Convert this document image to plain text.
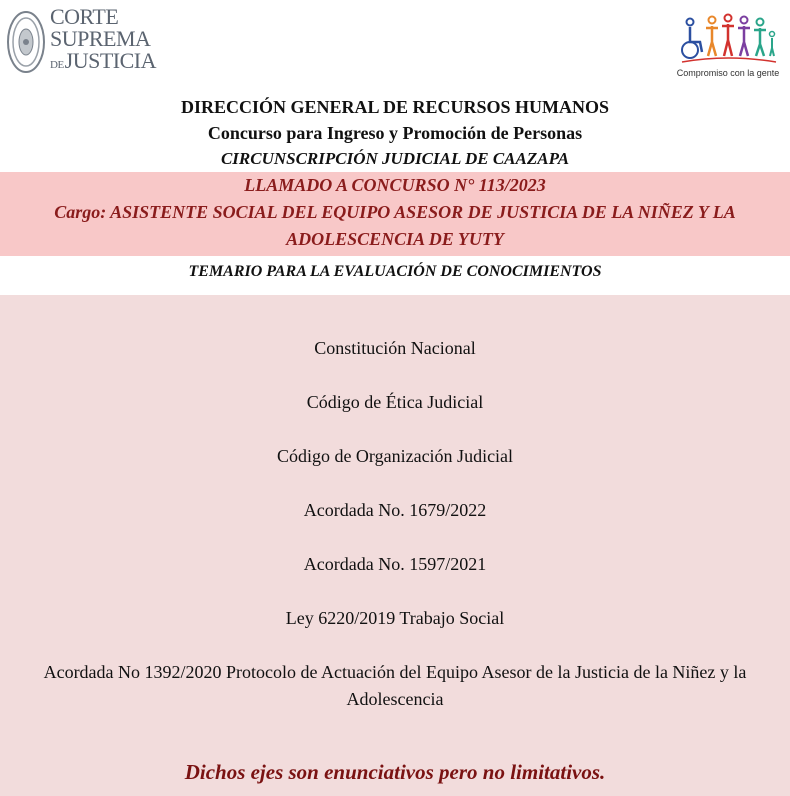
CORTE
SUPREMA
DEJUSTICIA	Compromiso con la gente
DIRECCIÓN GENERAL DE RECURSOS HUMANOS
Concurso para Ingreso y Promoción de Personas
CIRCUNSCRIPCIÓN JUDICIAL DE CAAZAPA
LLAMADO A CONCURSO N° 113/2023
Cargo: ASISTENTE SOCIAL DEL EQUIPO ASESOR DE JUSTICIA DE LA NIÑEZ Y LA ADOLESCENCIA DE YUTY
TEMARIO PARA LA EVALUACIÓN DE CONOCIMIENTOS
Constitución Nacional
Código de Ética Judicial
Código de Organización Judicial
Acordada No. 1679/2022
Acordada No. 1597/2021
Ley 6220/2019 Trabajo Social
Acordada No 1392/2020 Protocolo de Actuación del Equipo Asesor de la Justicia de la Niñez y la Adolescencia
Dichos ejes son enunciativos pero no limitativos.
